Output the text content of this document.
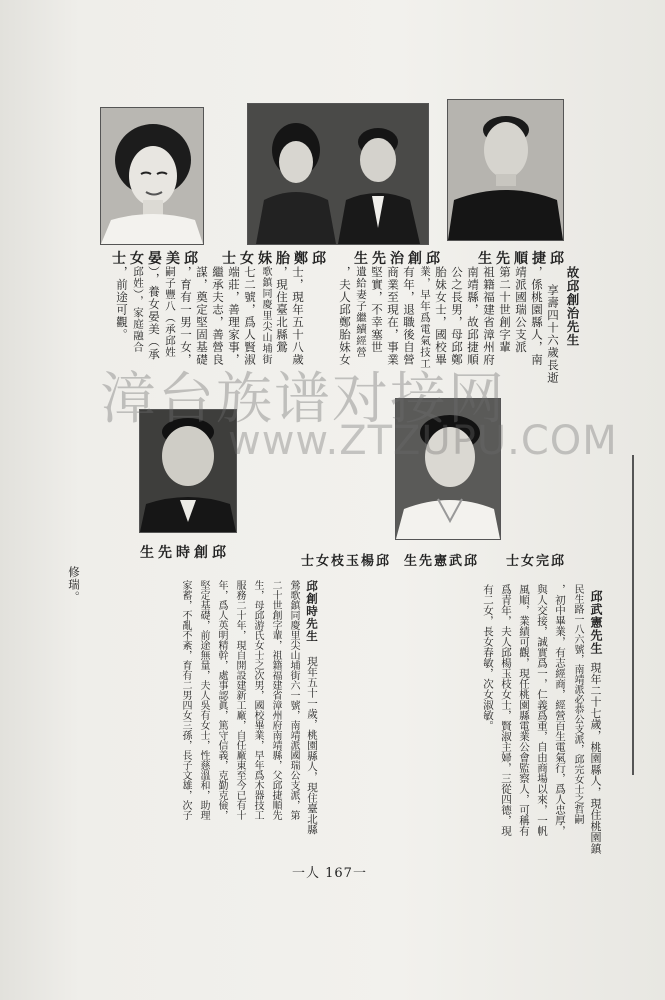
邱美晏女士 邱鄭胎妹女士 邱創治先生 邱捷順先生
邱創時先生
邱楊玉枝女士 邱武憲先生 邱完女士
故邱創治先生
享壽四十六歲長逝
，係桃園縣人，南
靖派國瑞公支派
第二十世創字輩
祖籍福建省漳州府
南靖縣，故邱捷順
公之長男，母邱鄭
胎妹女士，國校畢
業，早年爲電氣技工
有年，退職後自營
商業至現在，事業
堅實，不幸塞世
遺給妻子繼續經營
，夫人邱鄭胎妹女
士，現年五十八歲
，現住臺北縣鶯
歌鎮同慶里尖山埔街
七二號，爲人賢淑
端莊，善理家事，
繼承夫志，善營良
謀，奠定堅固基礎
，育有一男一女，
嗣子豐八（承邱姓
），養女晏美（承
邱姓），家庭融合
，前途可觀。
邱武憲先生
現年二十七歲，桃園縣人，現住桃園鎮
民生路一八六號，南靖派必恭公支派，邱完女士之哲嗣
，初中畢業，有志經商，經營百生電氣行，爲人忠厚，
與人交接，誠實爲一，仁義爲重，自由商場以來，一帆
風順，業績可觀，現任桃園縣電業公會監察人，可稱有
爲青年，夫人邱楊玉枝女士，賢淑主婦，三從四德，現
有二女，長女春敏，次女淑敏。
邱創時先生
現年五十一歲，桃園縣人，現住臺北縣
鶯歌鎮同慶里尖山埔街六一號，南靖派國瑞公支派，第
二十世創字輩，祖籍福建省漳州府南靖縣，父邱捷順先
生，母邱游氏女士之次男，國校畢業，早年爲木器技工
服務二十年，現自開設建新工廠，自任廠東至今已有十
年，爲人英明精幹，處事認眞，篤守信義，克勤克儉，
堅定基礎，前途無量，夫人吳有女士，性慈溫和，助理
家蓄，不亂不紊，育有二男四女三孫，長子文雄，次子
修瑞。
漳台族谱对接网
www.ZTZUPU.COM
一人 167一
